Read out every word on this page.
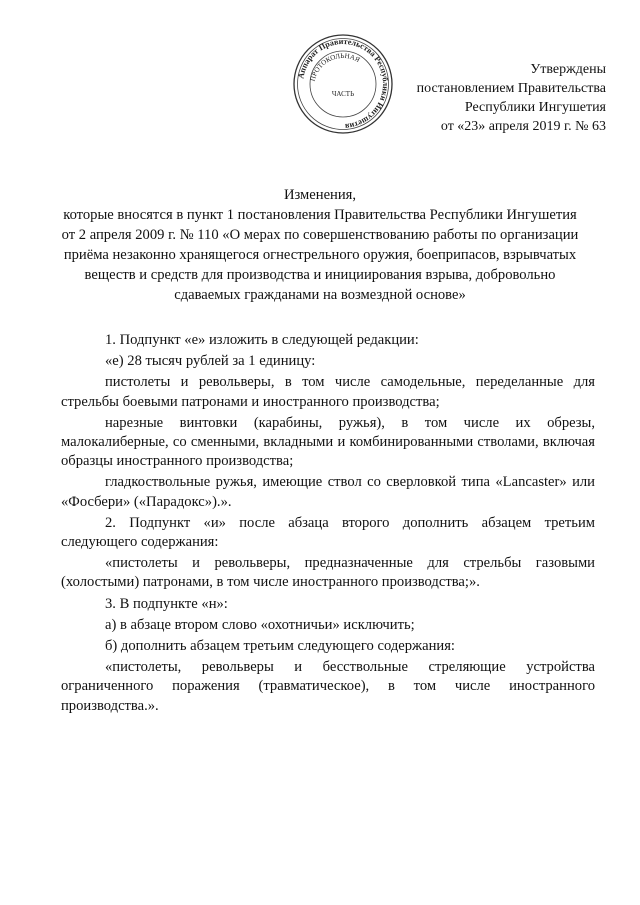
Аппарат Правительства Республики Ингушетия
ПРОТОКОЛЬНАЯ
ЧАСТЬ
Утверждены
постановлением Правительства
Республики Ингушетия
от «23» апреля 2019 г. № 63
Изменения,
которые вносятся в пункт 1 постановления Правительства Республики Ингушетия
от 2 апреля 2009 г. № 110 «О мерах по совершенствованию работы по организации
приёма незаконно хранящегося огнестрельного оружия, боеприпасов, взрывчатых
веществ и средств для производства и инициирования взрыва, добровольно
сдаваемых гражданами на возмездной основе»

1. Подпункт «е» изложить в следующей редакции:

«е) 28 тысяч рублей за 1 единицу:

пистолеты и револьверы, в том числе самодельные, переделанные для стрельбы боевыми патронами и иностранного производства;

нарезные винтовки (карабины, ружья), в том числе их обрезы, малокалиберные, со сменными, вкладными и комбинированными стволами, включая образцы иностранного производства;

гладкоствольные ружья, имеющие ствол со сверловкой типа «Lancaster» или «Фосбери» («Парадокс»).».

2. Подпункт «и» после абзаца второго дополнить абзацем третьим следующего содержания:

«пистолеты и револьверы, предназначенные для стрельбы газовыми (холостыми) патронами, в том числе иностранного производства;».

3. В подпункте «н»:

а) в абзаце втором слово «охотничьи» исключить;

б) дополнить абзацем третьим следующего содержания:

«пистолеты, револьверы и бесствольные стреляющие устройства ограниченного поражения (травматическое), в том числе иностранного производства.».
